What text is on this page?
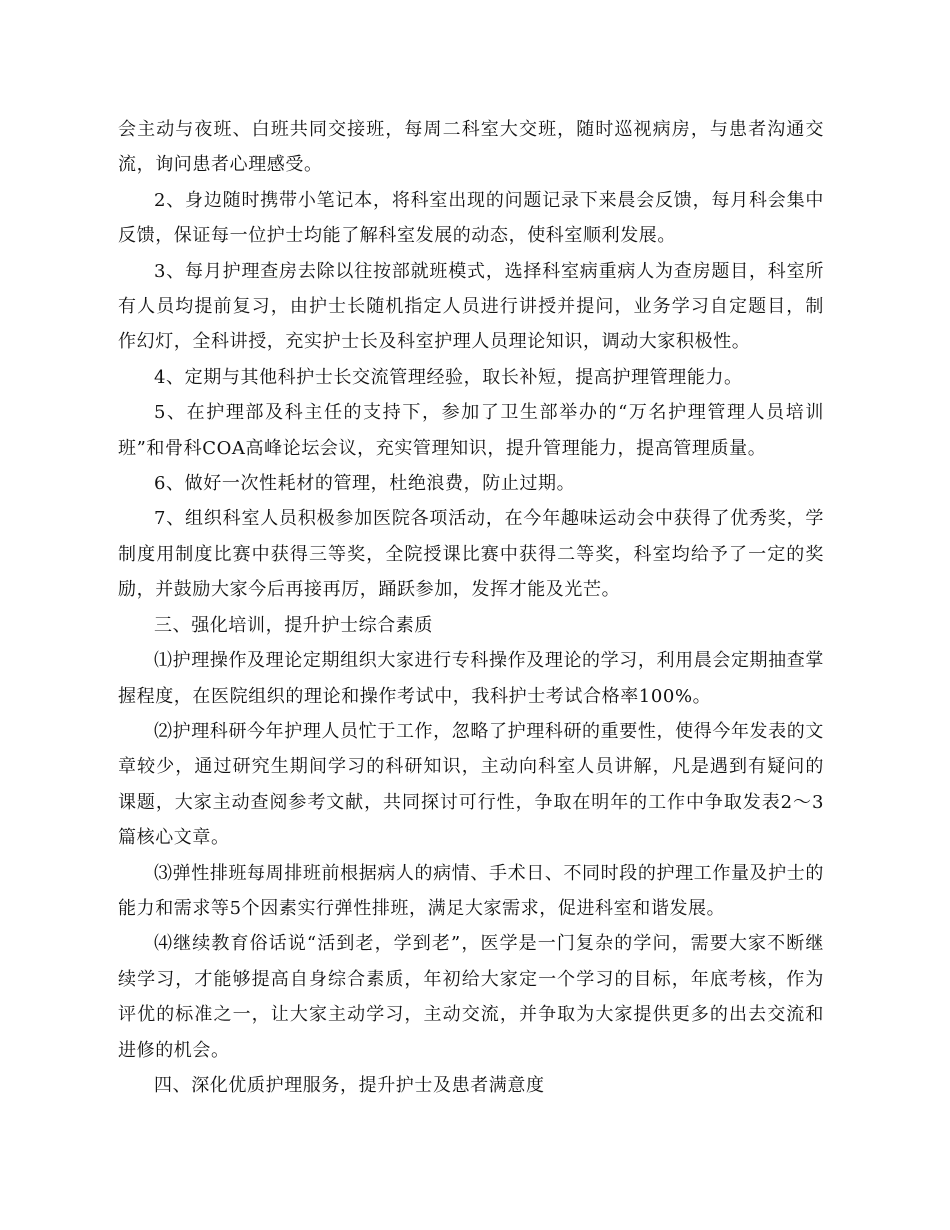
会主动与夜班、白班共同交接班，每周二科室大交班，随时巡视病房，与患者沟通交流，询问患者心理感受。

2、身边随时携带小笔记本，将科室出现的问题记录下来晨会反馈，每月科会集中反馈，保证每一位护士均能了解科室发展的动态，使科室顺利发展。

3、每月护理查房去除以往按部就班模式，选择科室病重病人为查房题目，科室所有人员均提前复习，由护士长随机指定人员进行讲授并提问，业务学习自定题目，制作幻灯，全科讲授，充实护士长及科室护理人员理论知识，调动大家积极性。

4、定期与其他科护士长交流管理经验，取长补短，提高护理管理能力。

5、在护理部及科主任的支持下，参加了卫生部举办的“万名护理管理人员培训班”和骨科COA高峰论坛会议，充实管理知识，提升管理能力，提高管理质量。

6、做好一次性耗材的管理，杜绝浪费，防止过期。

7、组织科室人员积极参加医院各项活动，在今年趣味运动会中获得了优秀奖，学制度用制度比赛中获得三等奖，全院授课比赛中获得二等奖，科室均给予了一定的奖励，并鼓励大家今后再接再厉，踊跃参加，发挥才能及光芒。

三、强化培训，提升护士综合素质

⑴护理操作及理论定期组织大家进行专科操作及理论的学习，利用晨会定期抽查掌握程度，在医院组织的理论和操作考试中，我科护士考试合格率100%。

⑵护理科研今年护理人员忙于工作，忽略了护理科研的重要性，使得今年发表的文章较少，通过研究生期间学习的科研知识，主动向科室人员讲解，凡是遇到有疑问的课题，大家主动查阅参考文献，共同探讨可行性，争取在明年的工作中争取发表2～3篇核心文章。

⑶弹性排班每周排班前根据病人的病情、手术日、不同时段的护理工作量及护士的能力和需求等5个因素实行弹性排班，满足大家需求，促进科室和谐发展。

⑷继续教育俗话说“活到老，学到老”，医学是一门复杂的学问，需要大家不断继续学习，才能够提高自身综合素质，年初给大家定一个学习的目标，年底考核，作为评优的标准之一，让大家主动学习，主动交流，并争取为大家提供更多的出去交流和进修的机会。

四、深化优质护理服务，提升护士及患者满意度
